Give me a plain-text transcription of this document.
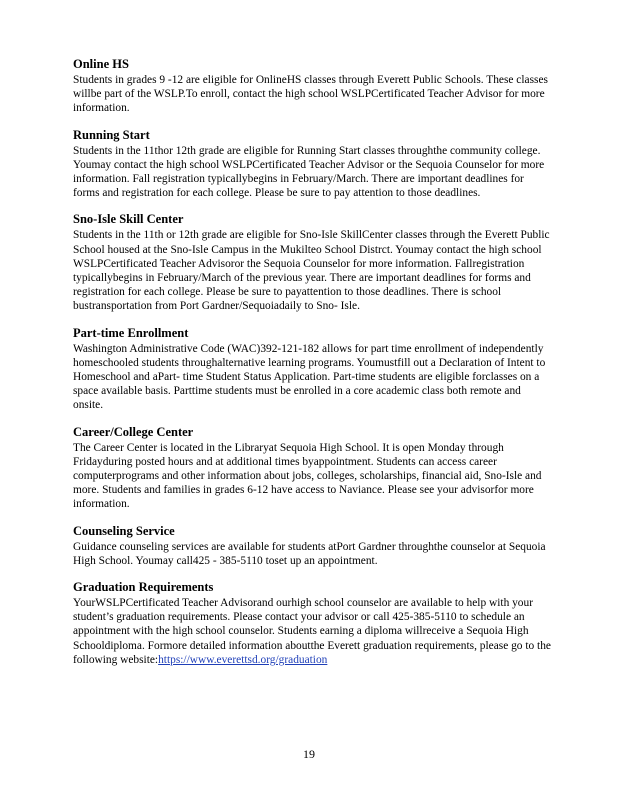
Online HS

Students in grades 9 -12 are eligible for OnlineHS classes through Everett Public Schools. These classes willbe part of the WSLP.To enroll, contact the high school WSLPCertificated Teacher Advisor for more information.

Running Start

Students in the 11thor 12th grade are eligible for Running Start classes throughthe community college. Youmay contact the high school WSLPCertificated Teacher Advisor or the Sequoia Counselor for more information. Fall registration typicallybegins in February/March. There are important deadlines for forms and registration for each college. Please be sure to pay attention to those deadlines.

Sno-Isle Skill Center

Students in the 11th or 12th grade are eligible for Sno-Isle SkillCenter classes through the Everett Public School housed at the Sno-Isle Campus in the Mukilteo School Distrct. Youmay contact the high school WSLPCertificated Teacher Advisoror the Sequoia Counselor for more information. Fallregistration typicallybegins in February/March of the previous year. There are important deadlines for forms and registration for each college. Please be sure to payattention to those deadlines. There is school bustransportation from Port Gardner/Sequoiadaily to Sno- Isle.

Part-time Enrollment

Washington Administrative Code (WAC)392-121-182 allows for part time enrollment of independently homeschooled students throughalternative learning programs. Youmustfill out a Declaration of Intent to Homeschool and aPart- time Student Status Application. Part-time students are eligible forclasses on a space available basis. Parttime students must be enrolled in a core academic class both remote and onsite.

Career/College Center

The Career Center is located in the Libraryat Sequoia High School. It is open Monday through Fridayduring posted hours and at additional times byappointment. Students can access career computerprograms and other information about jobs, colleges, scholarships, financial aid, Sno-Isle and more. Students and families in grades 6-12 have access to Naviance. Please see your advisorfor more information.

Counseling Service

Guidance counseling services are available for students atPort Gardner throughthe counselor at Sequoia High School. Youmay call425 - 385-5110 toset up an appointment.

Graduation Requirements

YourWSLPCertificated Teacher Advisorand ourhigh school counselor are available to help with your student’s graduation requirements. Please contact your advisor or call 425-385-5110 to schedule an appointment with the high school counselor. Students earning a diploma willreceive a Sequoia High Schooldiploma. Formore detailed information aboutthe Everett graduation requirements, please go to the following website:https://www.everettsd.org/graduation

19
